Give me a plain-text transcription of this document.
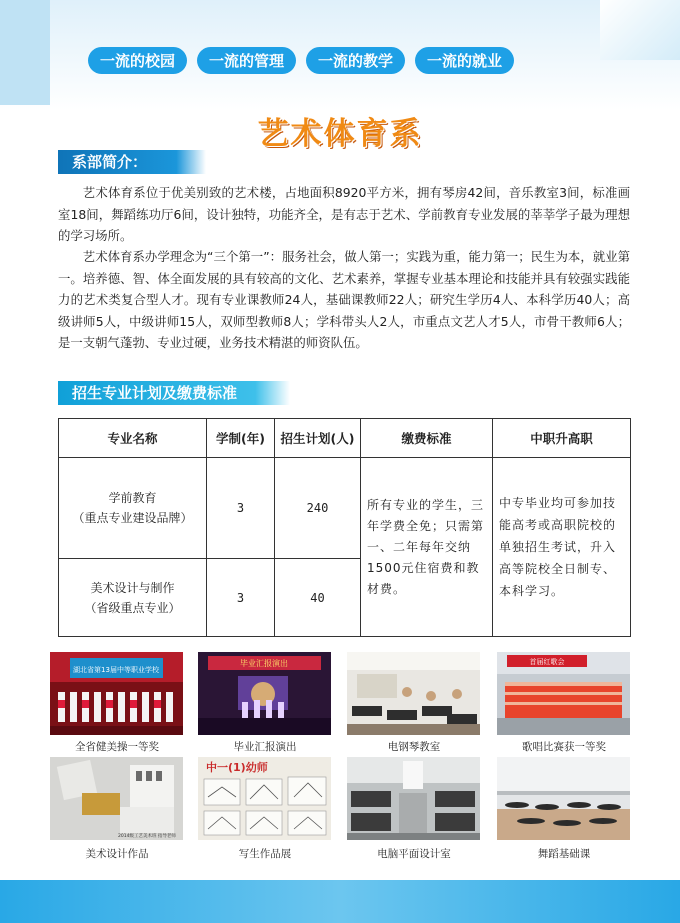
一流的校园	一流的管理	一流的教学	一流的就业
艺术体育系
系部简介：

艺术体育系位于优美别致的艺术楼，占地面积8920平方米，拥有琴房42间，音乐教室3间，标准画室18间，舞蹈练功厅6间，设计独特，功能齐全，是有志于艺术、学前教育专业发展的莘莘学子最为理想的学习场所。

艺术体育系办学理念为“三个第一”：服务社会，做人第一；实践为重，能力第一；民生为本，就业第一。培养德、智、体全面发展的具有较高的文化、艺术素养，掌握专业基本理论和技能并具有较强实践能力的艺术类复合型人才。现有专业课教师24人，基础课教师22人；研究生学历4人、本科学历40人；高级讲师5人，中级讲师15人，双师型教师8人；学科带头人2人，市重点文艺人才5人，市骨干教师6人；是一支朝气蓬勃、专业过硬，业务技术精湛的师资队伍。

招生专业计划及缴费标准
专业名称	学制(年)	招生计划(人)	缴费标准	中职升高职

学前教育
（重点专业建设品牌）	3	240	所有专业的学生，三年学费全免；只需第一、二年每年交纳1500元住宿费和教材费。	中专毕业均可参加技能高考或高职院校的单独招生考试，升入高等院校全日制专、本科学习。

美术设计与制作
（省级重点专业）	3	40		
湖北省第13届中等职业学校
全省健美操一等奖
毕业汇报演出
毕业汇报演出	电钢琴教室
首届红歌会
歌唱比赛获一等奖
2014级工艺美术班 指导老师
美术设计作品
中一(1)幼师
写生作品展	电脑平面设计室	舞蹈基础课
